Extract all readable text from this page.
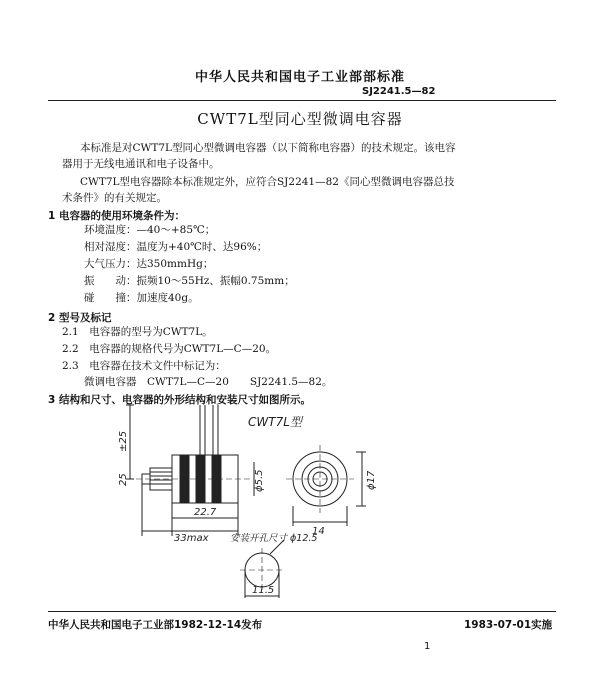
中华人民共和国电子工业部部标准
SJ2241.5—82
CWT7L型同心型微调电容器
本标准是对CWT7L型同心型微调电容器（以下简称电容器）的技术规定。该电容
器用于无线电通讯和电子设备中。
CWT7L型电容器除本标准规定外，应符合SJ2241—82《同心型微调电容器总技
术条件》的有关规定。
1 电容器的使用环境条件为：
环境温度：—40～+85℃；
相对湿度：温度为+40℃时、达96%；
大气压力：达350mmHg；
振　　动：振频10～55Hz、振幅0.75mm；
碰　　撞：加速度40g。
2 型号及标记
2.1　电容器的型号为CWT7L。
2.2　电容器的规格代号为CWT7L—C—20。
2.3　电容器在技术文件中标记为：
微调电容器　CWT7L—C—20　　SJ2241.5—82。
3 结构和尺寸、电容器的外形结构和安装尺寸如图所示。
CWT7L型
±25
25	ϕ5.5
22.7
33max
ϕ17
14
安装开孔尺寸 ϕ12.5
11.5
中华人民共和国电子工业部1982-12-14发布	1983-07-01实施
1
